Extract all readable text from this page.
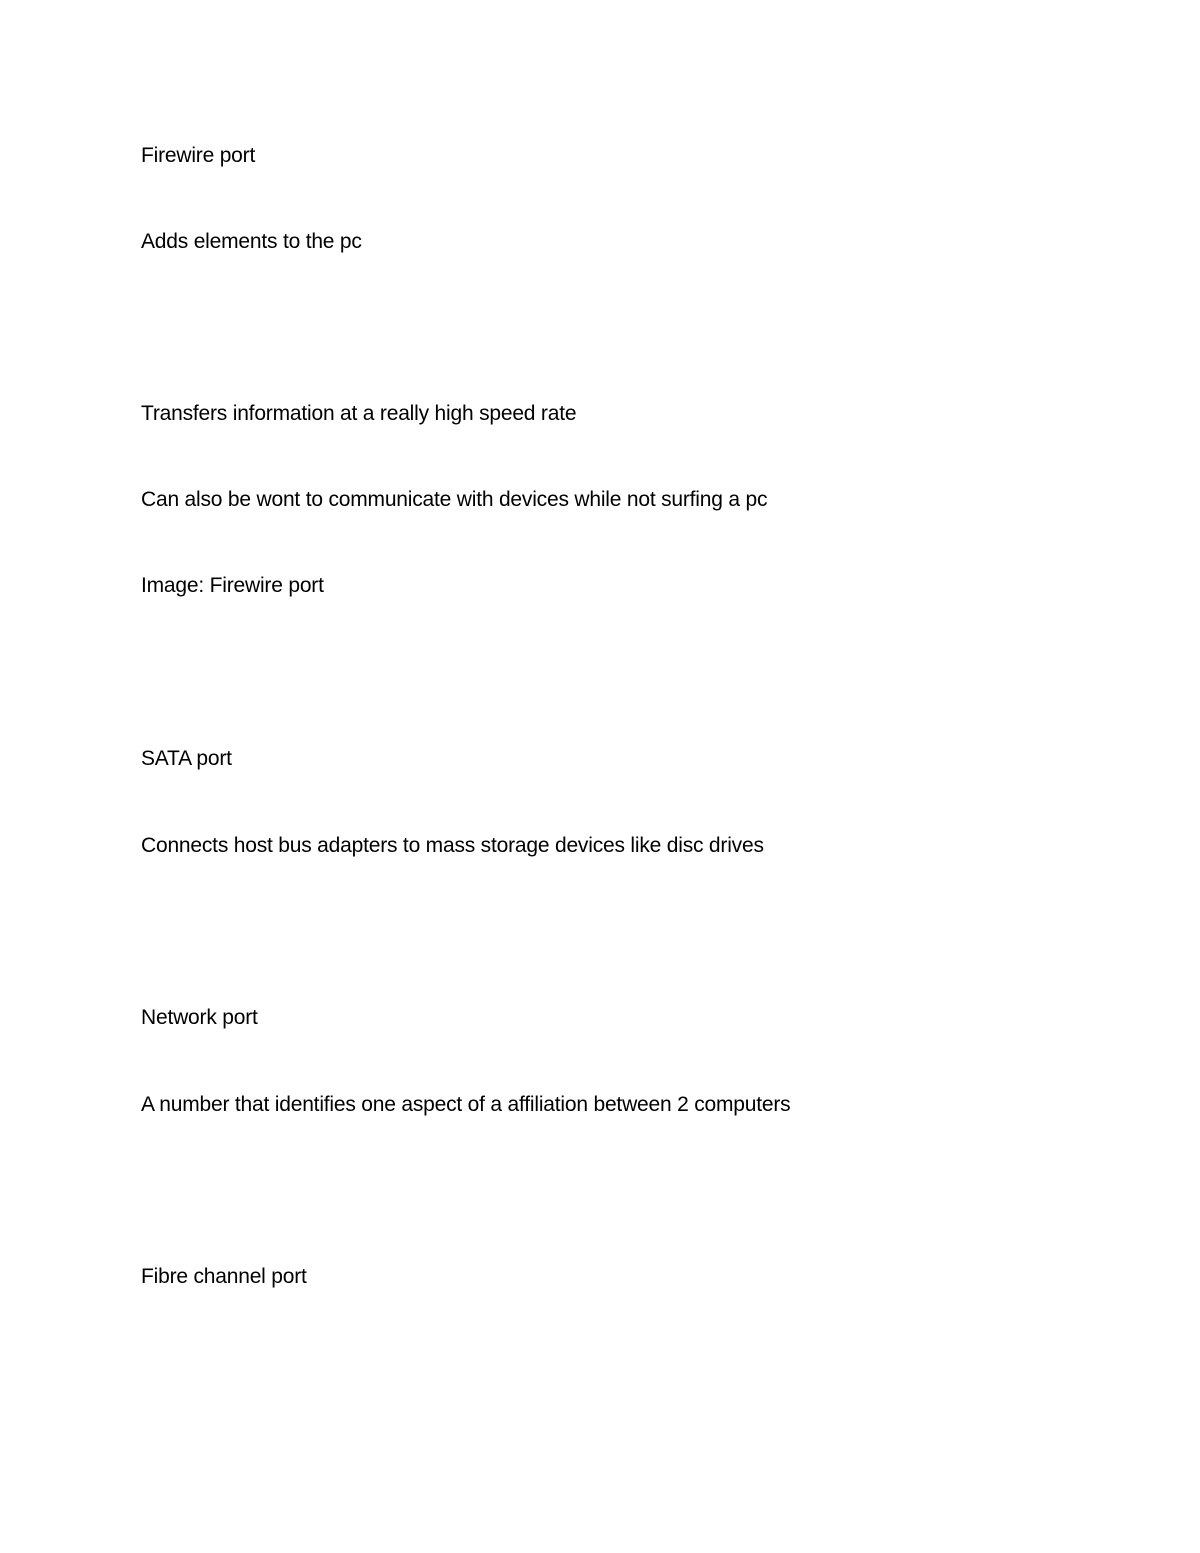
Firewire port
Adds elements to the pc
Transfers information at a really high speed rate
Can also be wont to communicate with devices while not surfing a pc
Image: Firewire port
SATA port
Connects host bus adapters to mass storage devices like disc drives
Network port
A number that identifies one aspect of a affiliation between 2 computers
Fibre channel port
